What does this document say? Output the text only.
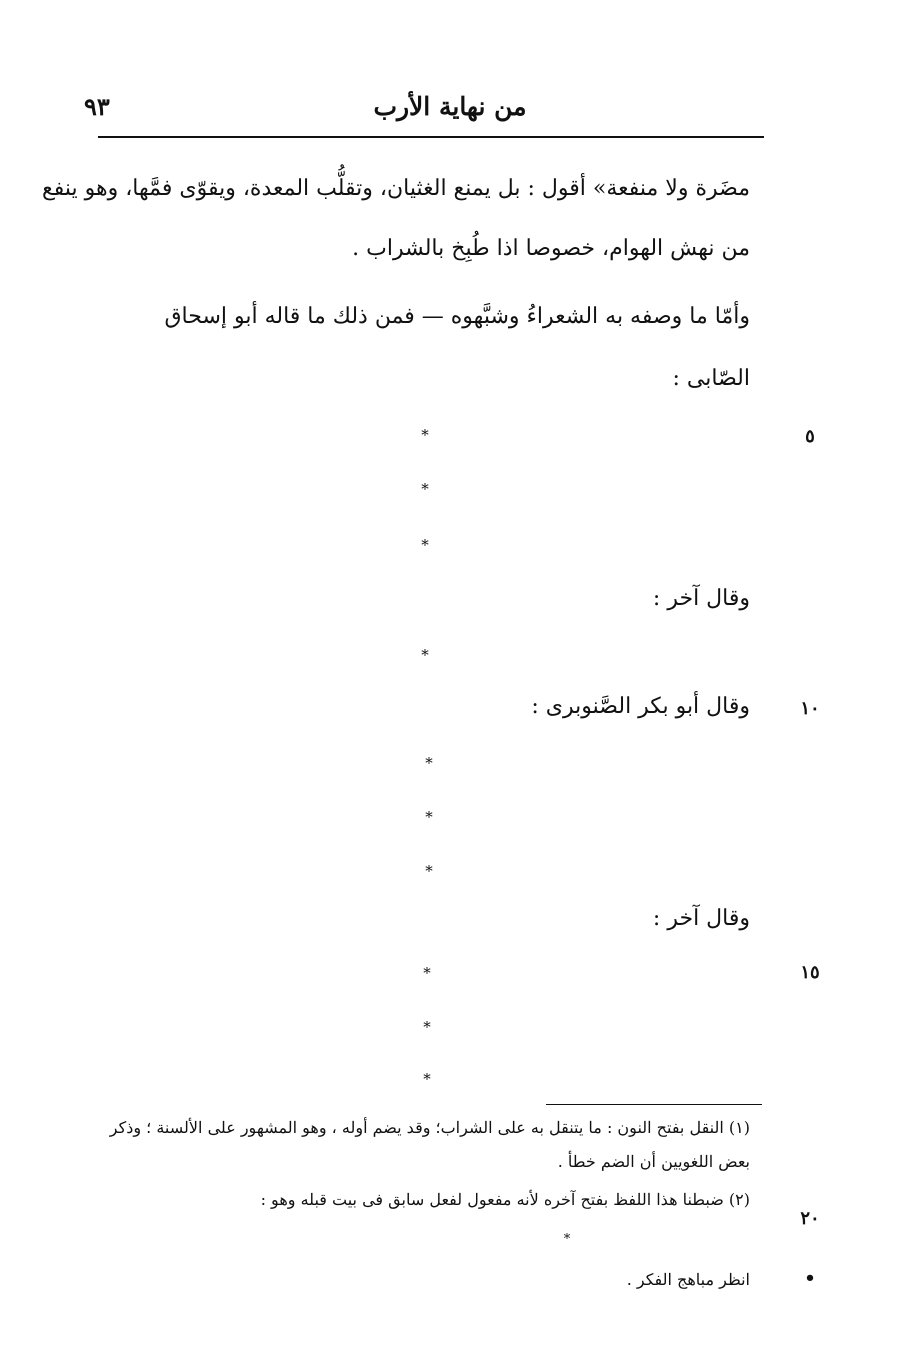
من نهاية الأرب
٩٣
مضَرة ولا منفعة» أقول : بل يمنع الغثيان، وتقلُّب المعدة، ويقوّى فمَّها، وهو ينفع
من نهش الهوام، خصوصا اذا طُبِخ بالشراب .
وأمّا ما وصفه به الشعراءُ وشبَّهوه — فمن ذلك ما قاله أبو إسحاق
الصّابى :
*
*
*
وقال آخر :
*
وقال أبو بكر الصَّنوبرى :
*
*
*
وقال آخر :
*
*
*
(١) النقل بفتح النون : ما يتنقل به على الشراب؛ وقد يضم أوله ، وهو المشهور على الألسنة ؛ وذكر
بعض اللغويين أن الضم خطأ .
(٢) ضبطنا هذا اللفظ بفتح آخره لأنه مفعول لفعل سابق فى بيت قبله وهو :
*
انظر مباهج الفكر .
٥
١٠
١٥
٢٠
•
